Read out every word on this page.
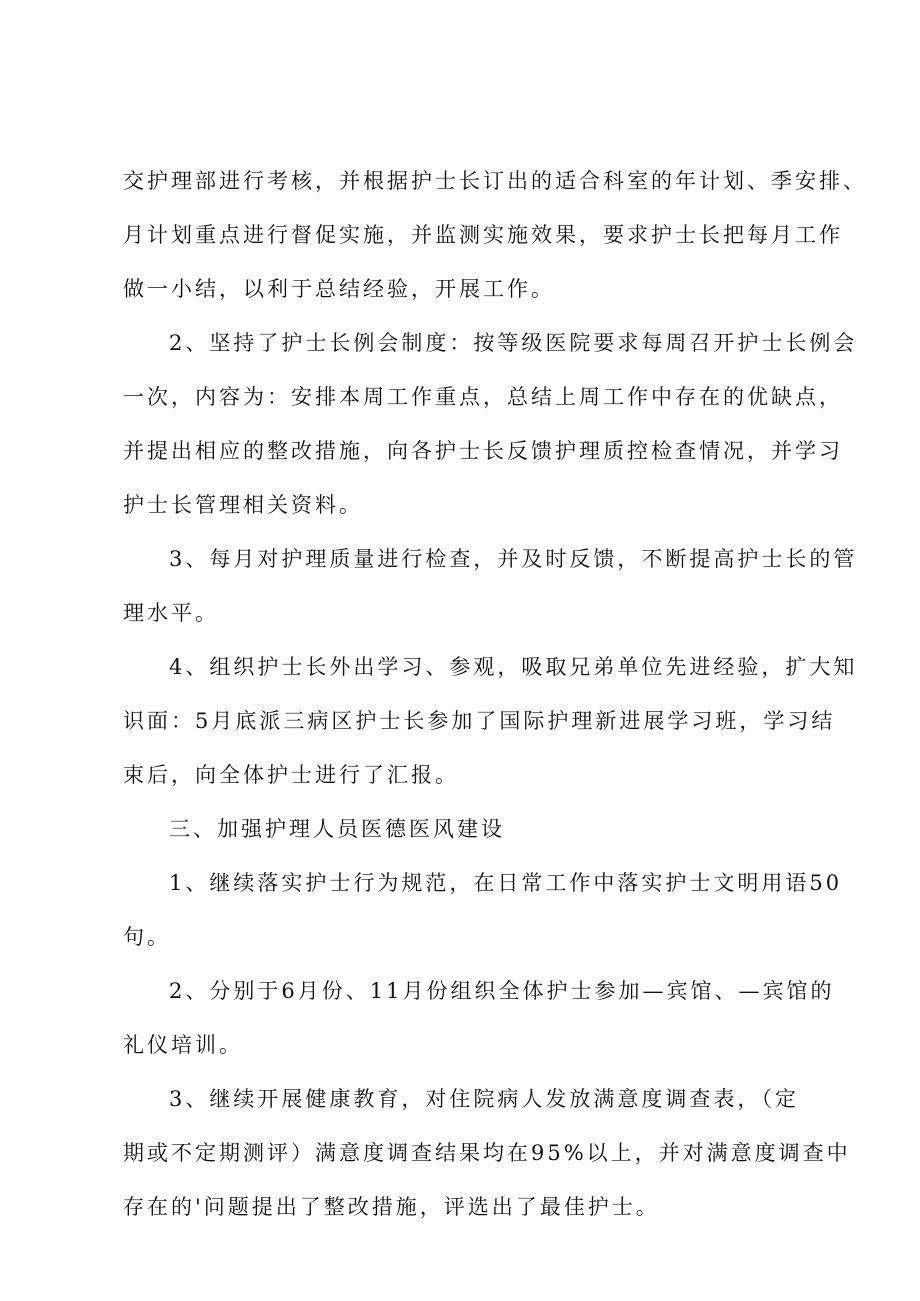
交护理部进行考核，并根据护士长订出的适合科室的年计划、季安排、
月计划重点进行督促实施，并监测实施效果，要求护士长把每月工作
做一小结，以利于总结经验，开展工作。
2、坚持了护士长例会制度：按等级医院要求每周召开护士长例会
一次，内容为：安排本周工作重点，总结上周工作中存在的优缺点，
并提出相应的整改措施，向各护士长反馈护理质控检查情况，并学习
护士长管理相关资料。
3、每月对护理质量进行检查，并及时反馈，不断提高护士长的管
理水平。
4、组织护士长外出学习、参观，吸取兄弟单位先进经验，扩大知
识面：5月底派三病区护士长参加了国际护理新进展学习班，学习结
束后，向全体护士进行了汇报。
三、加强护理人员医德医风建设
1、继续落实护士行为规范，在日常工作中落实护士文明用语50
句。
2、分别于6月份、11月份组织全体护士参加—宾馆、—宾馆的
礼仪培训。
3、继续开展健康教育，对住院病人发放满意度调查表，（定
期或不定期测评）满意度调查结果均在95%以上，并对满意度调查中
存在的'问题提出了整改措施，评选出了最佳护士。
